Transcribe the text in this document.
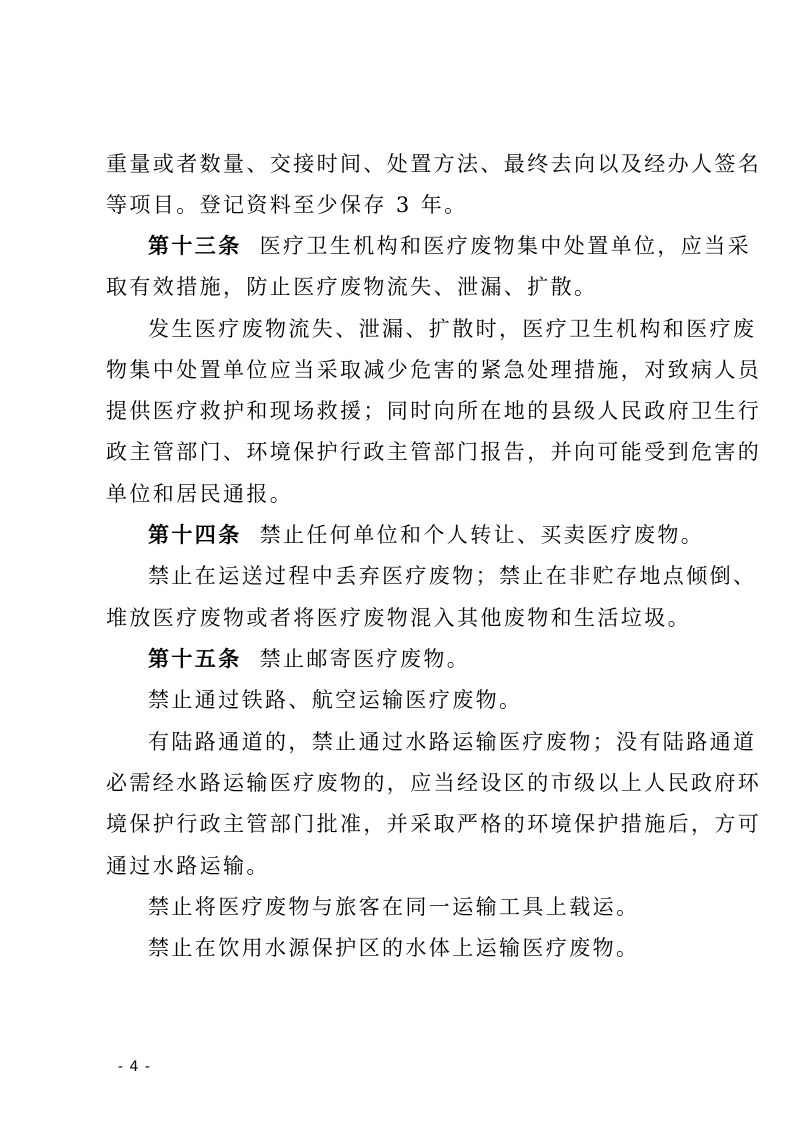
重量或者数量、交接时间、处置方法、最终去向以及经办人签名
等项目。登记资料至少保存 3 年。
第十三条 医疗卫生机构和医疗废物集中处置单位，应当采
取有效措施，防止医疗废物流失、泄漏、扩散。
发生医疗废物流失、泄漏、扩散时，医疗卫生机构和医疗废
物集中处置单位应当采取减少危害的紧急处理措施，对致病人员
提供医疗救护和现场救援；同时向所在地的县级人民政府卫生行
政主管部门、环境保护行政主管部门报告，并向可能受到危害的
单位和居民通报。
第十四条 禁止任何单位和个人转让、买卖医疗废物。
禁止在运送过程中丢弃医疗废物；禁止在非贮存地点倾倒、
堆放医疗废物或者将医疗废物混入其他废物和生活垃圾。
第十五条 禁止邮寄医疗废物。
禁止通过铁路、航空运输医疗废物。
有陆路通道的，禁止通过水路运输医疗废物；没有陆路通道
必需经水路运输医疗废物的，应当经设区的市级以上人民政府环
境保护行政主管部门批准，并采取严格的环境保护措施后，方可
通过水路运输。
禁止将医疗废物与旅客在同一运输工具上载运。
禁止在饮用水源保护区的水体上运输医疗废物。
- 4 -
